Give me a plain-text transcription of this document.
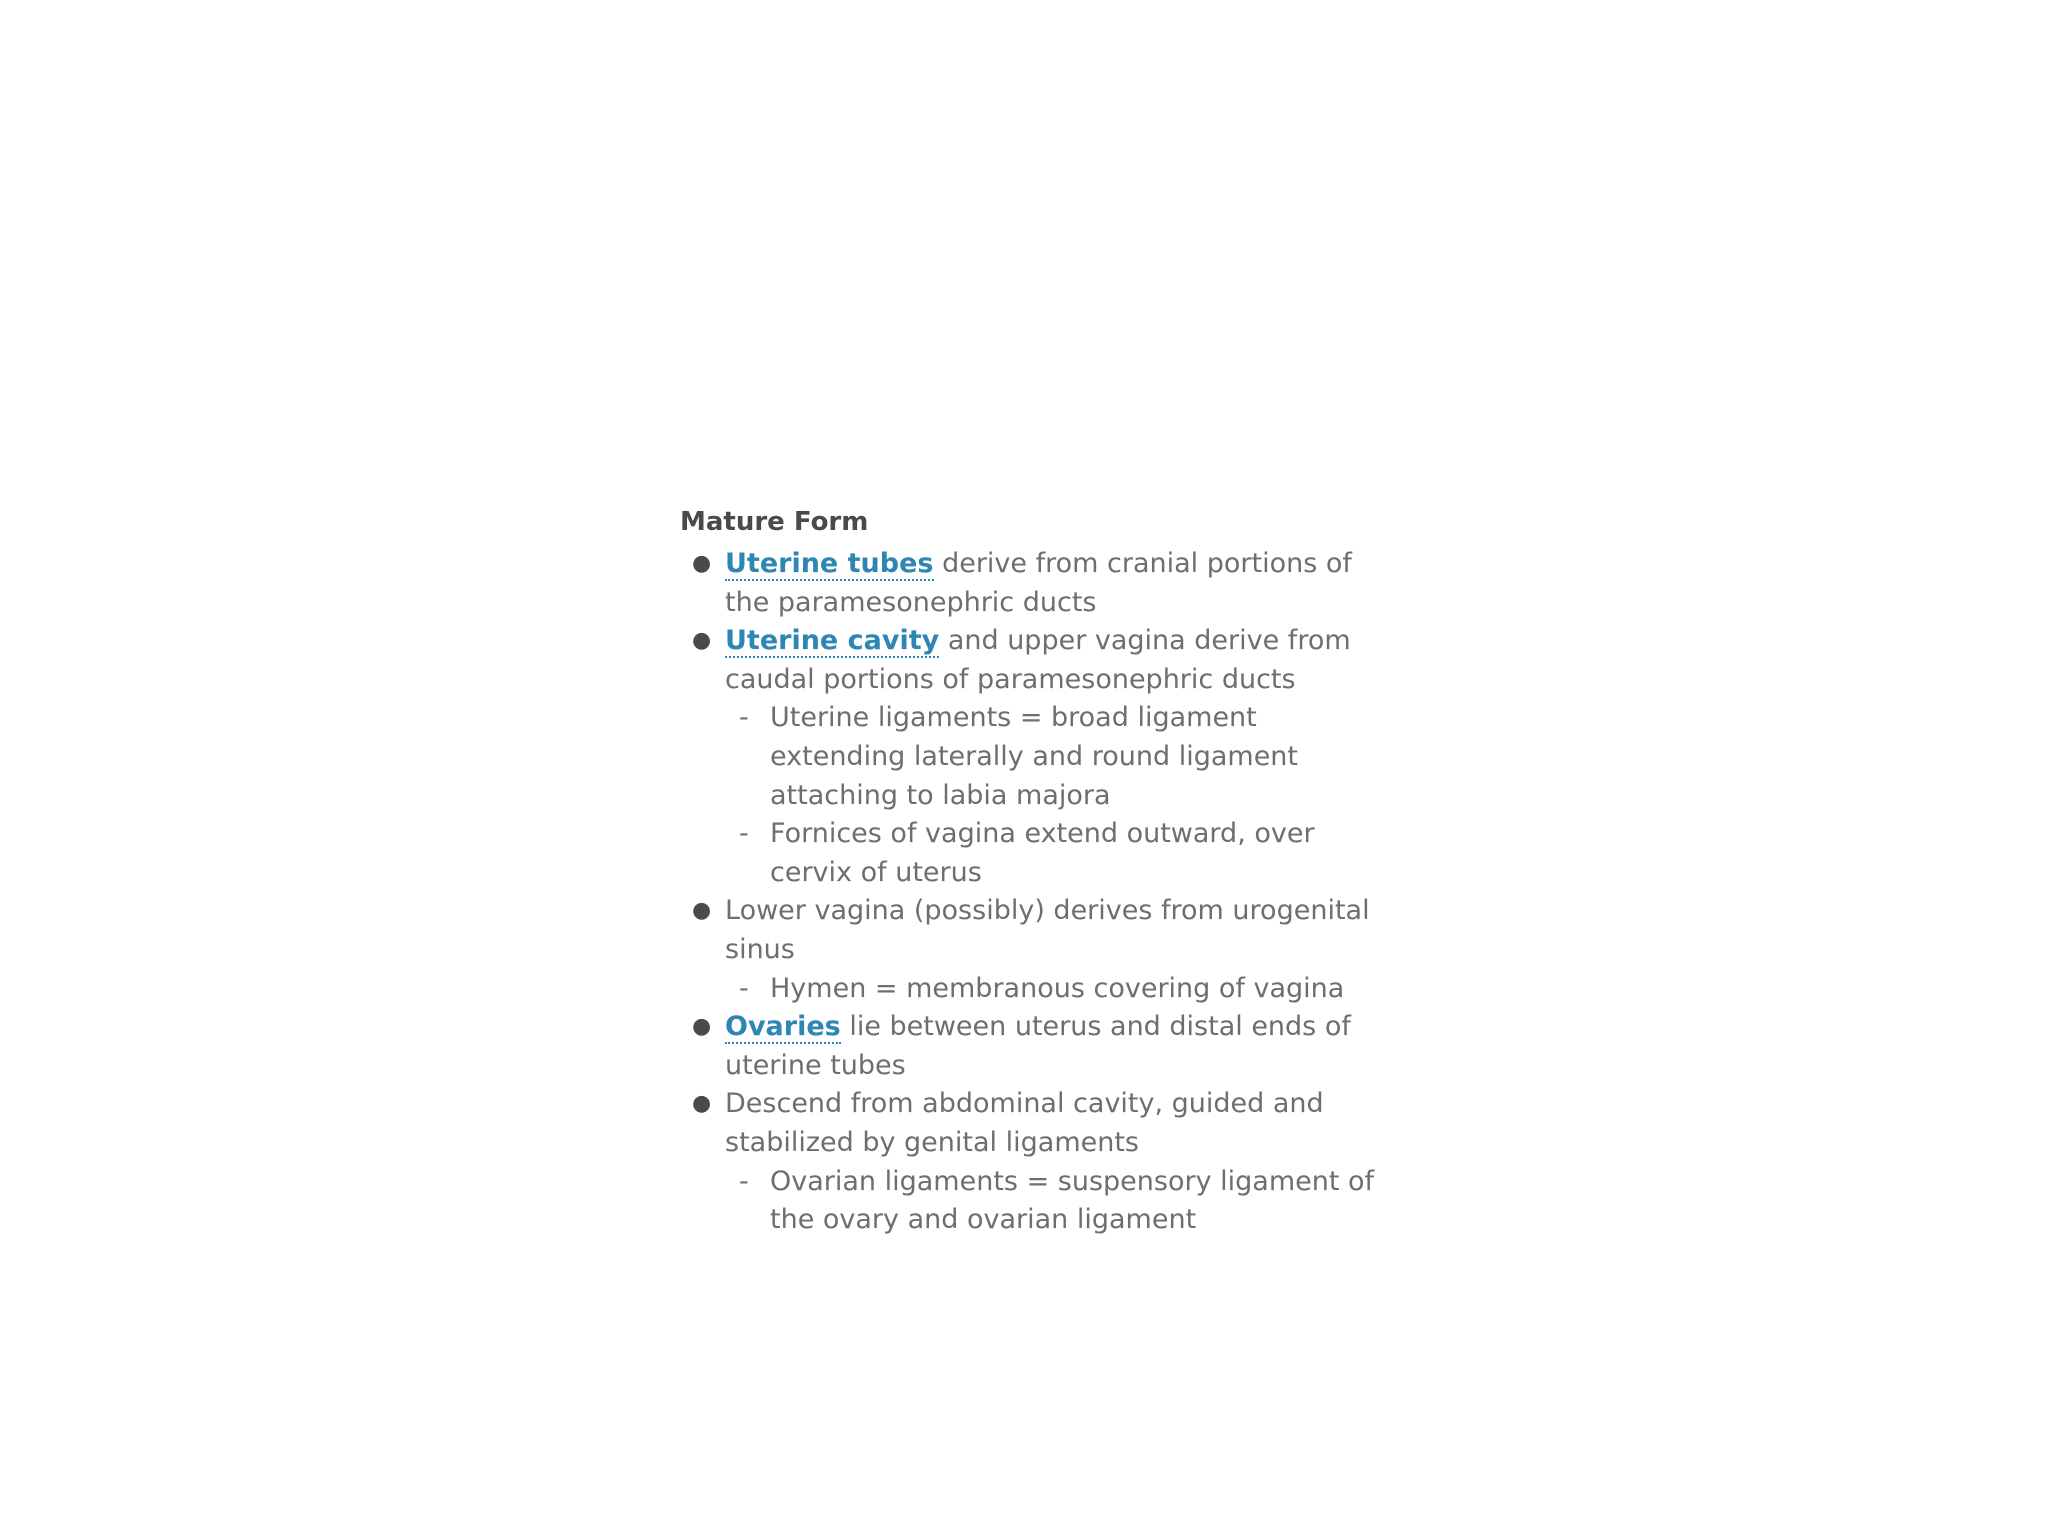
Mature Form
● Uterine tubes derive from cranial portions of the paramesonephric ducts
● Uterine cavity and upper vagina derive from caudal portions of paramesonephric ducts
- Uterine ligaments = broad ligament extending laterally and round ligament attaching to labia majora
- Fornices of vagina extend outward, over cervix of uterus
● Lower vagina (possibly) derives from urogenital sinus
- Hymen = membranous covering of vagina
● Ovaries lie between uterus and distal ends of uterine tubes
● Descend from abdominal cavity, guided and stabilized by genital ligaments
- Ovarian ligaments = suspensory ligament of the ovary and ovarian ligament
